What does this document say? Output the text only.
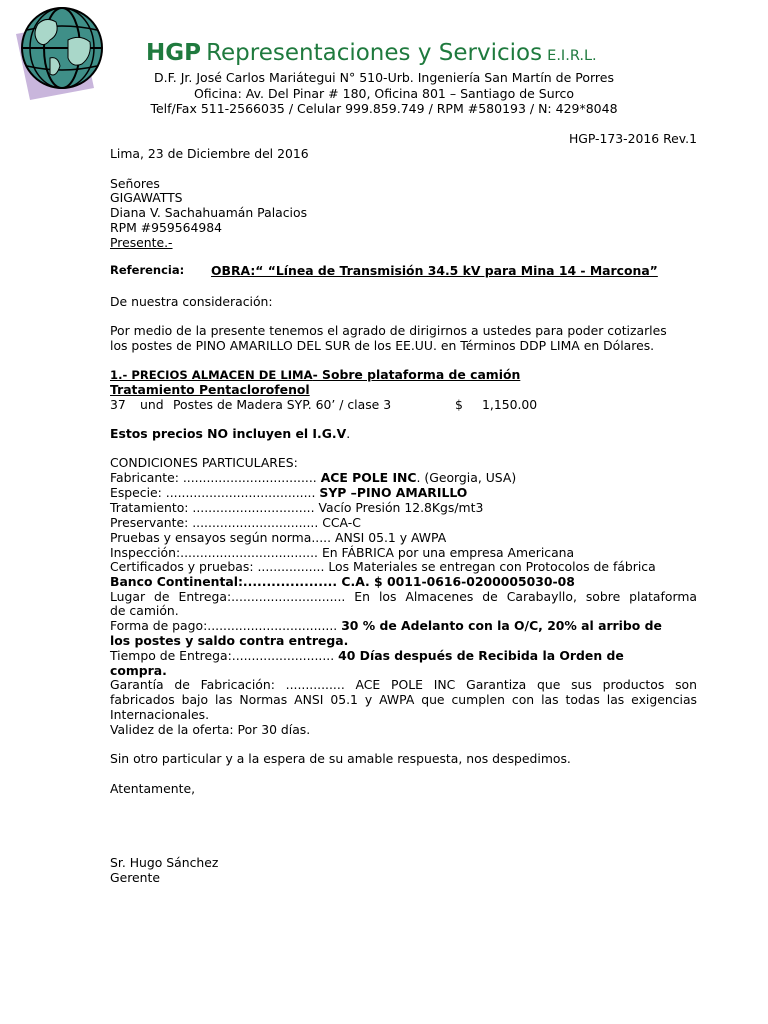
HGP Representaciones y Servicios E.I.R.L.
D.F. Jr. José Carlos Mariátegui N° 510-Urb. Ingeniería San Martín de Porres
Oficina: Av. Del Pinar # 180, Oficina 801 – Santiago de Surco
Telf/Fax 511-2566035 / Celular 999.859.749 / RPM #580193 / N: 429*8048
HGP-173-2016 Rev.1
Lima, 23 de Diciembre del 2016
Señores
GIGAWATTS
Diana V. Sachahuamán Palacios
RPM #959564984
Presente.-
Referencia: OBRA:“ “Línea de Transmisión 34.5 kV para Mina 14 - Marcona”
De nuestra consideración:
Por medio de la presente tenemos el agrado de dirigirnos a ustedes para poder cotizarles
los postes de PINO AMARILLO DEL SUR de los EE.UU. en Términos DDP LIMA en Dólares.
1.- PRECIOS ALMACEN DE LIMA- Sobre plataforma de camión
Tratamiento Pentaclorofenol
37 und Postes de Madera SYP. 60’ / clase 3	$ 1,150.00
Estos precios NO incluyen el I.G.V.
CONDICIONES PARTICULARES:
Fabricante: .................................. ACE POLE INC. (Georgia, USA)
Especie: ...................................... SYP –PINO AMARILLO
Tratamiento: ............................... Vacío Presión 12.8Kgs/mt3
Preservante: ................................ CCA-C
Pruebas y ensayos según norma..... ANSI 05.1 y AWPA
Inspección:................................... En FÁBRICA por una empresa Americana
Certificados y pruebas: ................. Los Materiales se entregan con Protocolos de fábrica
Banco Continental:.................... C.A. $ 0011-0616-0200005030-08
Lugar de Entrega:............................. En los Almacenes de Carabayllo, sobre plataforma
de camión.
Forma de pago:................................. 30 % de Adelanto con la O/C, 20% al arribo de
los postes y saldo contra entrega.
Tiempo de Entrega:.......................... 40 Días después de Recibida la Orden de
compra.
Garantía de Fabricación: ............... ACE POLE INC Garantiza que sus productos son
fabricados bajo las Normas ANSI 05.1 y AWPA que cumplen con las todas las exigencias
Internacionales.
Validez de la oferta: Por 30 días.
Sin otro particular y a la espera de su amable respuesta, nos despedimos.
Atentamente,
Sr. Hugo Sánchez
Gerente
